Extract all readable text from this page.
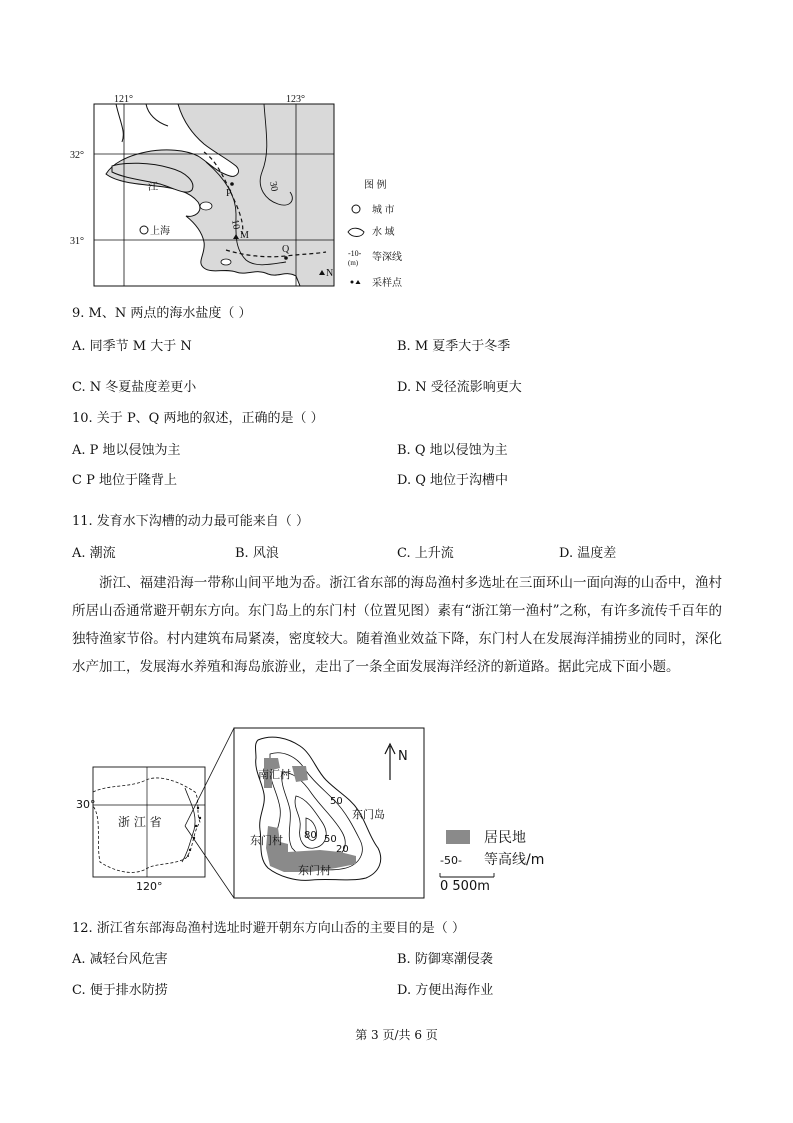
121°	123°
32°
31°
江
上海	M
P
Q
N
30
10
图 例
城 市
水 域
-10-
(m) 等深线
采样点
9. M、N 两点的海水盐度（ ）
A. 同季节 M 大于 N	B. M 夏季大于冬季
C. N 冬夏盐度差更小	D. N 受径流影响更大
10. 关于 P、Q 两地的叙述，正确的是（ ）
A. P 地以侵蚀为主	B. Q 地以侵蚀为主
C P 地位于隆背上	D. Q 地位于沟槽中
11. 发育水下沟槽的动力最可能来自（ ）
A. 潮流	B. 风浪	C. 上升流	D. 温度差
浙江、福建沿海一带称山间平地为岙。浙江省东部的海岛渔村多选址在三面环山一面向海的山岙中，渔村所居山岙通常避开朝东方向。东门岛上的东门村（位置见图）素有“浙江第一渔村”之称，有许多流传千百年的独特渔家节俗。村内建筑布局紧凑，密度较大。随着渔业效益下降，东门村人在发展海洋捕捞业的同时，深化水产加工，发展海水养殖和海岛旅游业，走出了一条全面发展海洋经济的新道路。据此完成下面小题。
30°
120°
浙 江 省
N
东门岛
南汇村
东门村
东门村
50
80 50
20
居民地
-50- 等高线/m
0 500m
12. 浙江省东部海岛渔村选址时避开朝东方向山岙的主要目的是（ ）
A. 减轻台风危害	B. 防御寒潮侵袭
C. 便于排水防捞	D. 方便出海作业
第 3 页/共 6 页
